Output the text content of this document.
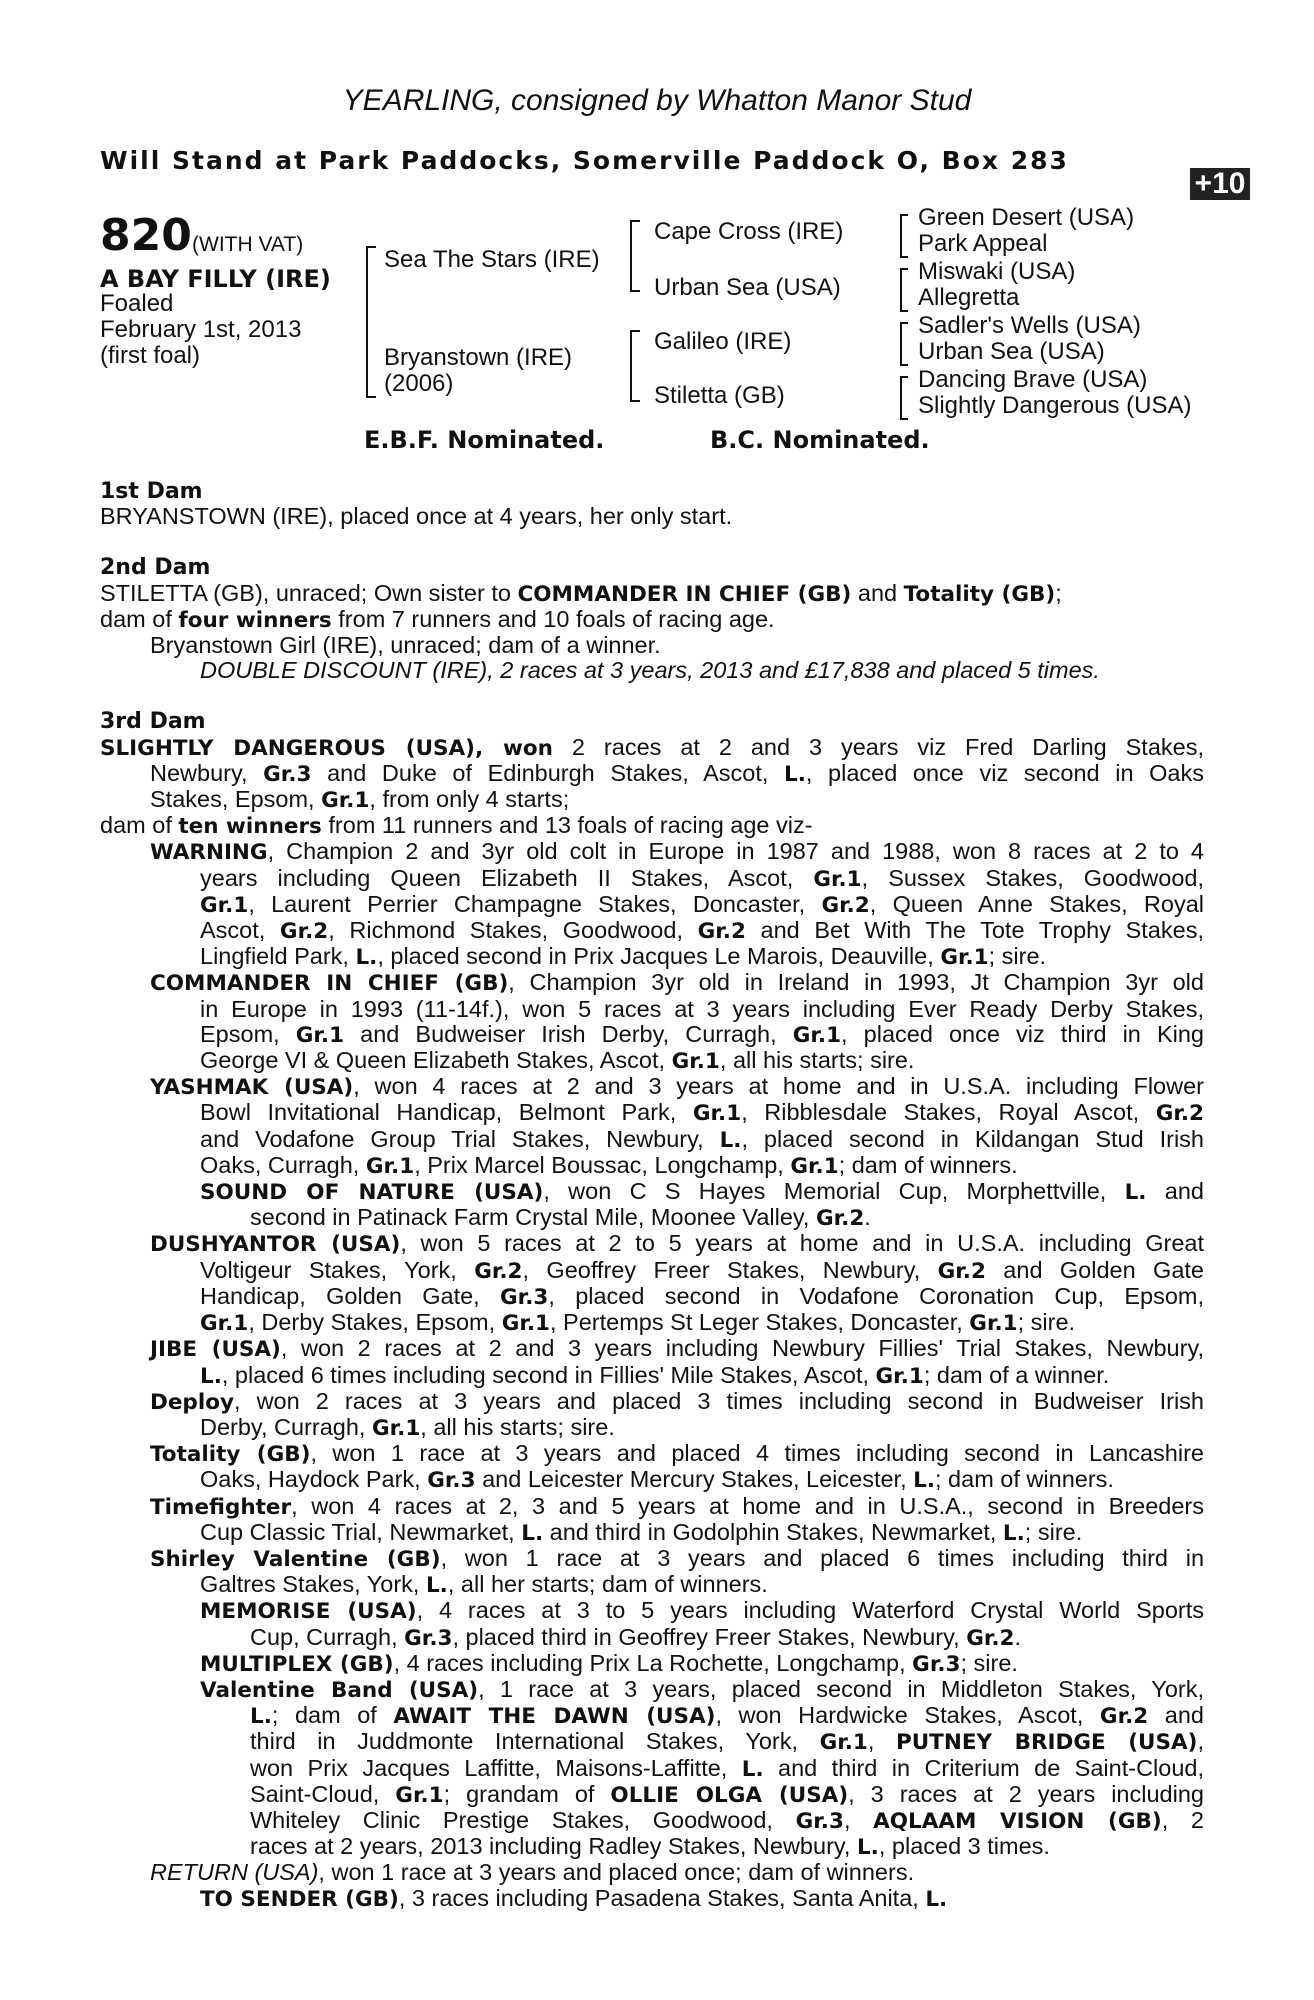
YEARLING, consigned by Whatton Manor Stud
Will Stand at Park Paddocks, Somerville Paddock O, Box 283
+10
820 (WITH VAT)
A BAY FILLY (IRE)
Foaled
February 1st, 2013
(first foal)
Sea The Stars (IRE)
Bryanstown (IRE)
(2006)
Cape Cross (IRE)
Urban Sea (USA)
Galileo (IRE)
Stiletta (GB)
Green Desert (USA)
Park Appeal
Miswaki (USA)
Allegretta
Sadler's Wells (USA)
Urban Sea (USA)
Dancing Brave (USA)
Slightly Dangerous (USA)
E.B.F. Nominated.	B.C. Nominated.

1st Dam

BRYANSTOWN (IRE), placed once at 4 years, her only start.

2nd Dam

STILETTA (GB), unraced; Own sister to COMMANDER IN CHIEF (GB) and Totality (GB);

dam of four winners from 7 runners and 10 foals of racing age.

Bryanstown Girl (IRE), unraced; dam of a winner.

DOUBLE DISCOUNT (IRE), 2 races at 3 years, 2013 and £17,838 and placed 5 times.

3rd Dam

SLIGHTLY DANGEROUS (USA), won 2 races at 2 and 3 years viz Fred Darling Stakes,

Newbury, Gr.3 and Duke of Edinburgh Stakes, Ascot, L., placed once viz second in Oaks

Stakes, Epsom, Gr.1, from only 4 starts;

dam of ten winners from 11 runners and 13 foals of racing age viz-

WARNING, Champion 2 and 3yr old colt in Europe in 1987 and 1988, won 8 races at 2 to 4

years including Queen Elizabeth II Stakes, Ascot, Gr.1, Sussex Stakes, Goodwood,

Gr.1, Laurent Perrier Champagne Stakes, Doncaster, Gr.2, Queen Anne Stakes, Royal

Ascot, Gr.2, Richmond Stakes, Goodwood, Gr.2 and Bet With The Tote Trophy Stakes,

Lingfield Park, L., placed second in Prix Jacques Le Marois, Deauville, Gr.1; sire.

COMMANDER IN CHIEF (GB), Champion 3yr old in Ireland in 1993, Jt Champion 3yr old

in Europe in 1993 (11-14f.), won 5 races at 3 years including Ever Ready Derby Stakes,

Epsom, Gr.1 and Budweiser Irish Derby, Curragh, Gr.1, placed once viz third in King

George VI & Queen Elizabeth Stakes, Ascot, Gr.1, all his starts; sire.

YASHMAK (USA), won 4 races at 2 and 3 years at home and in U.S.A. including Flower

Bowl Invitational Handicap, Belmont Park, Gr.1, Ribblesdale Stakes, Royal Ascot, Gr.2

and Vodafone Group Trial Stakes, Newbury, L., placed second in Kildangan Stud Irish

Oaks, Curragh, Gr.1, Prix Marcel Boussac, Longchamp, Gr.1; dam of winners.

SOUND OF NATURE (USA), won C S Hayes Memorial Cup, Morphettville, L. and

second in Patinack Farm Crystal Mile, Moonee Valley, Gr.2.

DUSHYANTOR (USA), won 5 races at 2 to 5 years at home and in U.S.A. including Great

Voltigeur Stakes, York, Gr.2, Geoffrey Freer Stakes, Newbury, Gr.2 and Golden Gate

Handicap, Golden Gate, Gr.3, placed second in Vodafone Coronation Cup, Epsom,

Gr.1, Derby Stakes, Epsom, Gr.1, Pertemps St Leger Stakes, Doncaster, Gr.1; sire.

JIBE (USA), won 2 races at 2 and 3 years including Newbury Fillies' Trial Stakes, Newbury,

L., placed 6 times including second in Fillies' Mile Stakes, Ascot, Gr.1; dam of a winner.

Deploy, won 2 races at 3 years and placed 3 times including second in Budweiser Irish

Derby, Curragh, Gr.1, all his starts; sire.

Totality (GB), won 1 race at 3 years and placed 4 times including second in Lancashire

Oaks, Haydock Park, Gr.3 and Leicester Mercury Stakes, Leicester, L.; dam of winners.

Timefighter, won 4 races at 2, 3 and 5 years at home and in U.S.A., second in Breeders

Cup Classic Trial, Newmarket, L. and third in Godolphin Stakes, Newmarket, L.; sire.

Shirley Valentine (GB), won 1 race at 3 years and placed 6 times including third in

Galtres Stakes, York, L., all her starts; dam of winners.

MEMORISE (USA), 4 races at 3 to 5 years including Waterford Crystal World Sports

Cup, Curragh, Gr.3, placed third in Geoffrey Freer Stakes, Newbury, Gr.2.

MULTIPLEX (GB), 4 races including Prix La Rochette, Longchamp, Gr.3; sire.

Valentine Band (USA), 1 race at 3 years, placed second in Middleton Stakes, York,

L.; dam of AWAIT THE DAWN (USA), won Hardwicke Stakes, Ascot, Gr.2 and

third in Juddmonte International Stakes, York, Gr.1, PUTNEY BRIDGE (USA),

won Prix Jacques Laffitte, Maisons-Laffitte, L. and third in Criterium de Saint-Cloud,

Saint-Cloud, Gr.1; grandam of OLLIE OLGA (USA), 3 races at 2 years including

Whiteley Clinic Prestige Stakes, Goodwood, Gr.3, AQLAAM VISION (GB), 2

races at 2 years, 2013 including Radley Stakes, Newbury, L., placed 3 times.

RETURN (USA), won 1 race at 3 years and placed once; dam of winners.

TO SENDER (GB), 3 races including Pasadena Stakes, Santa Anita, L.
